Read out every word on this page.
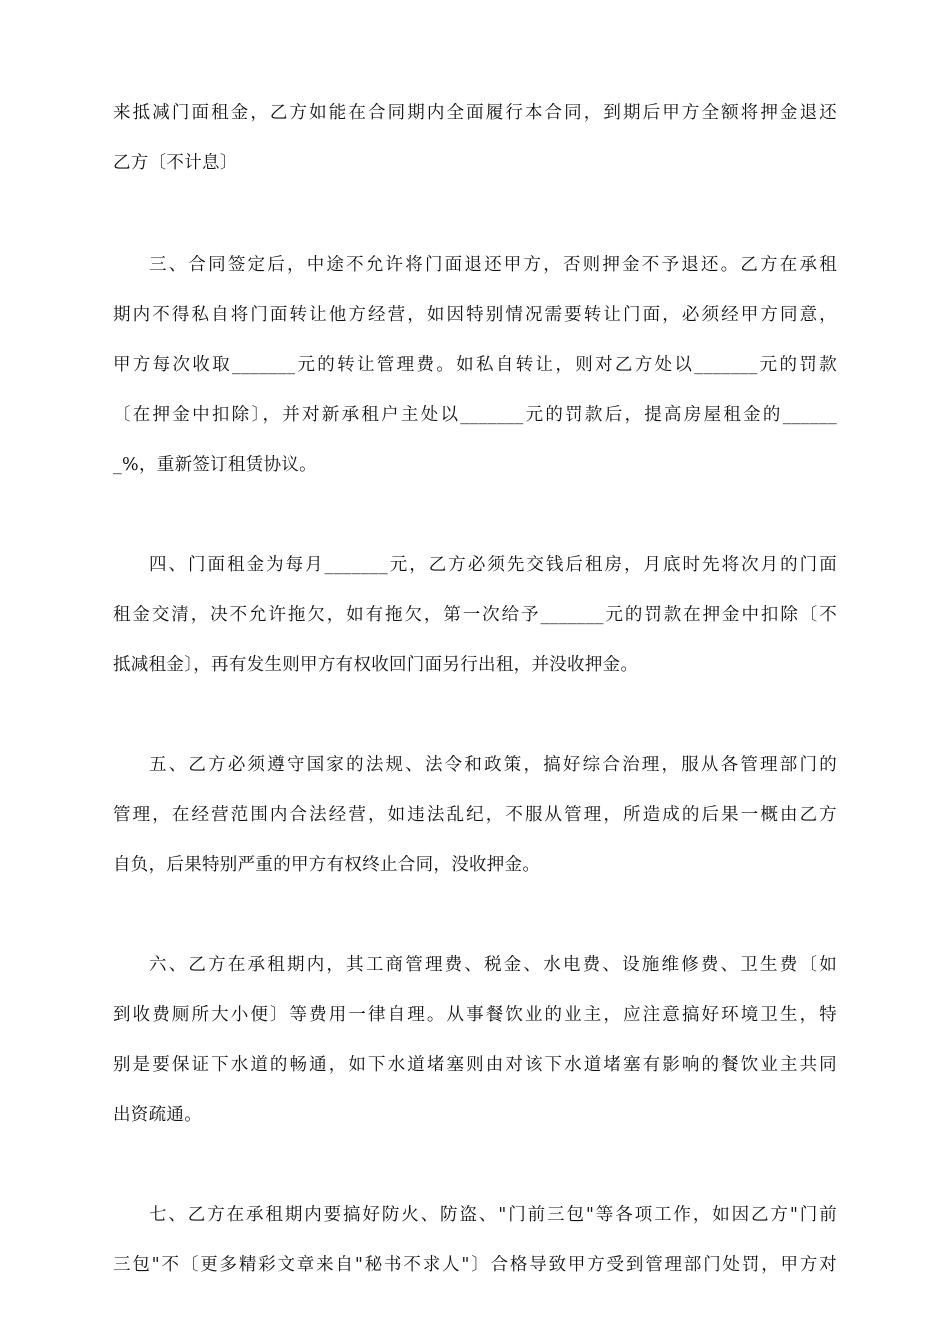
来抵减门面租金，乙方如能在合同期内全面履行本合同，到期后甲方全额将押金退还
乙方〔不计息〕

三、合同签定后，中途不允许将门面退还甲方，否则押金不予退还。乙方在承租
期内不得私自将门面转让他方经营，如因特别情况需要转让门面，必须经甲方同意，
甲方每次收取_______元的转让管理费。如私自转让，则对乙方处以_______元的罚款
〔在押金中扣除〕，并对新承租户主处以_______元的罚款后，提高房屋租金的______
_%，重新签订租赁协议。

四、门面租金为每月_______元，乙方必须先交钱后租房，月底时先将次月的门面
租金交清，决不允许拖欠，如有拖欠，第一次给予_______元的罚款在押金中扣除〔不
抵减租金〕，再有发生则甲方有权收回门面另行出租，并没收押金。

五、乙方必须遵守国家的法规、法令和政策，搞好综合治理，服从各管理部门的
管理，在经营范围内合法经营，如违法乱纪，不服从管理，所造成的后果一概由乙方
自负，后果特别严重的甲方有权终止合同，没收押金。

六、乙方在承租期内，其工商管理费、税金、水电费、设施维修费、卫生费〔如
到收费厕所大小便〕等费用一律自理。从事餐饮业的业主，应注意搞好环境卫生，特
别是要保证下水道的畅通，如下水道堵塞则由对该下水道堵塞有影响的餐饮业主共同
出资疏通。

七、乙方在承租期内要搞好防火、防盗、"门前三包"等各项工作，如因乙方"门前
三包"不〔更多精彩文章来自"秘书不求人"〕合格导致甲方受到管理部门处罚，甲方对
